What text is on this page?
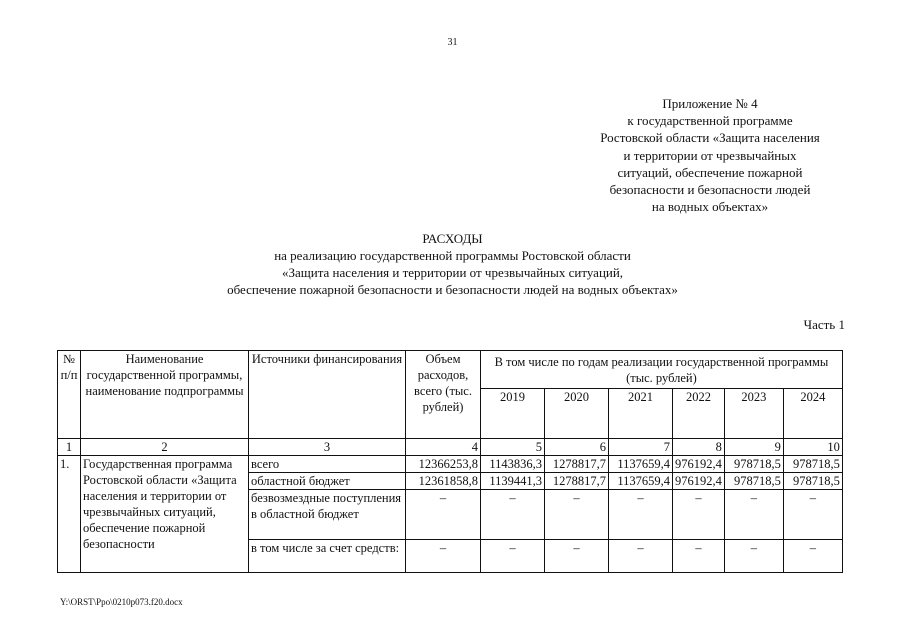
31
Приложение № 4
к государственной программе
Ростовской области «Защита населения
и территории от чрезвычайных
ситуаций, обеспечение пожарной
безопасности и безопасности людей
на водных объектах»
РАСХОДЫ
на реализацию государственной программы Ростовской области
«Защита населения и территории от чрезвычайных ситуаций,
обеспечение пожарной безопасности и безопасности людей на водных объектах»
Часть 1
№ п/п	Наименование государственной программы, наименование подпрограммы	Источники финансирования	Объем расходов, всего (тыс. рублей)	В том числе по годам реализации государственной программы (тыс. рублей)					
				2019	2020	2021	2022	2023	2024
1	2	3	4	5	6	7	8	9	10
1.	Государственная программа Ростовской области «Защита населения и территории от чрезвычайных ситуаций, обеспечение пожарной безопасности	всего	12366253,8	1143836,3	1278817,7	1137659,4	976192,4	978718,5	978718,5
		областной бюджет	12361858,8	1139441,3	1278817,7	1137659,4	976192,4	978718,5	978718,5
		безвозмездные поступления в областной бюджет	–	–	–	–	–	–	–
		в том числе за счет средств:	–	–	–	–	–	–	–
Y:\ORST\Ppo\0210p073.f20.docx
